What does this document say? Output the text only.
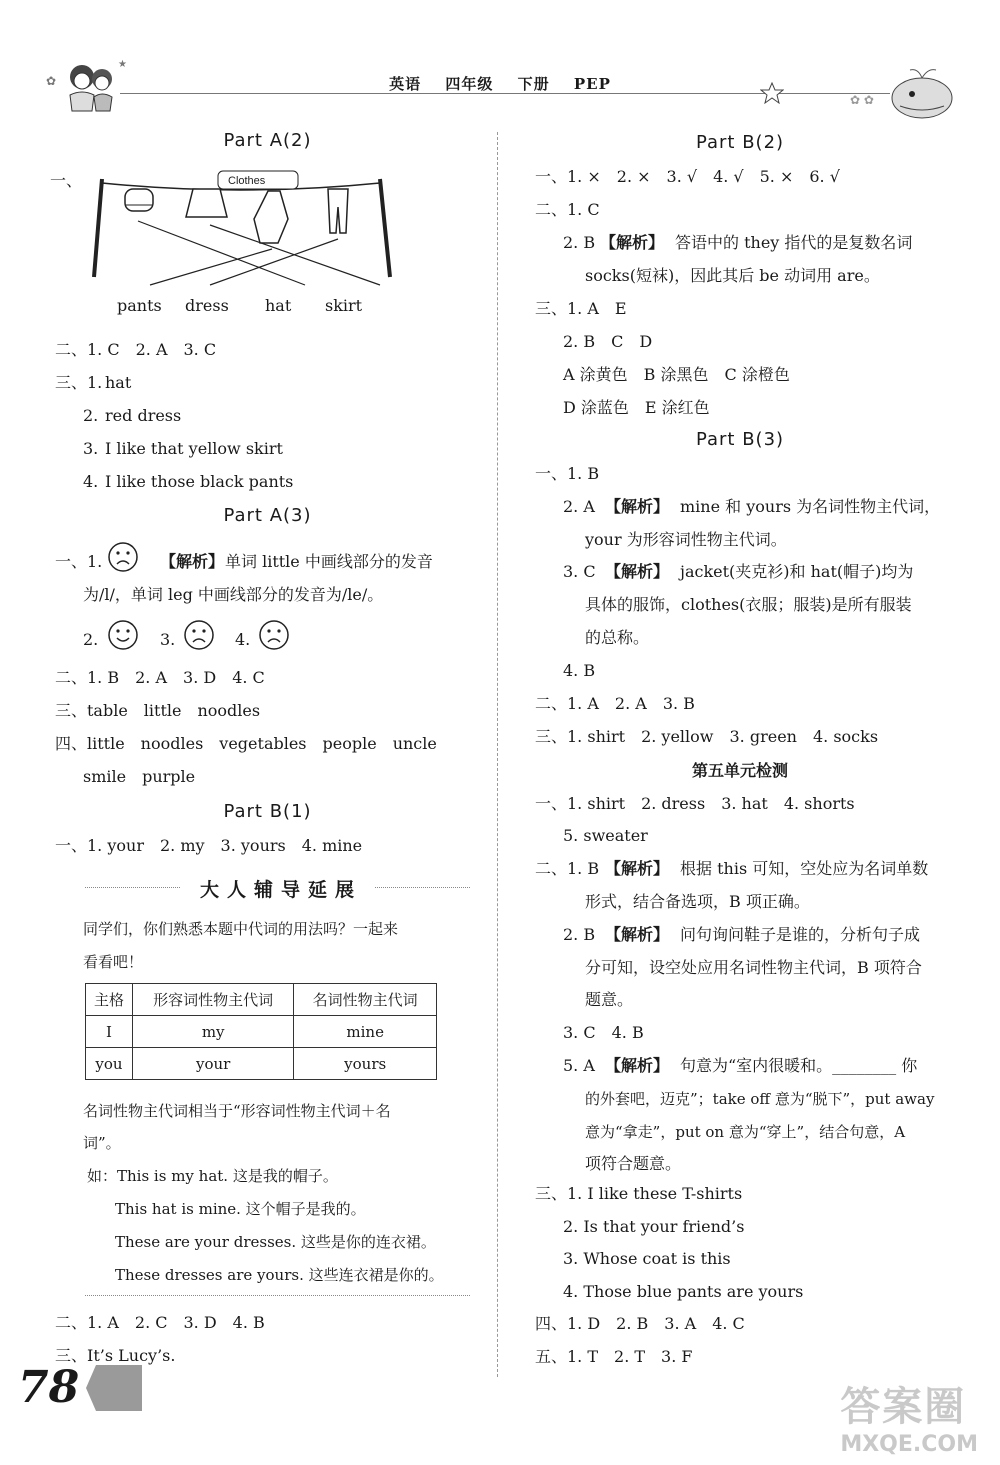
✿
★
英语 四年级 下册 PEP
✿ ✿
Part A(2)
一、	Clothes
pants dress hat skirt
二、1. C　2. A　3. C
三、1. hat
2. red dress
3. I like that yellow skirt
4. I like those black pants
Part A(3)
一、1.	【解析】 单词 little 中画线部分的发音
为/l/，单词 leg 中画线部分的发音为/le/。
2.	3.	4.
二、1. B　2. A　3. D　4. C
三、table　little　noodles
四、little　noodles　vegetables　people　uncle
smile　purple
Part B(1)
一、1. your　2. my　3. yours　4. mine
大人辅导延展
同学们，你们熟悉本题中代词的用法吗？一起来
看看吧！
主格	形容词性物主代词	名词性物主代词
I	my	mine
you	your	yours
名词性物主代词相当于“形容词性物主代词＋名
词”。
如：This is my hat. 这是我的帽子。
This hat is mine. 这个帽子是我的。
These are your dresses. 这些是你的连衣裙。
These dresses are yours. 这些连衣裙是你的。
二、1. A　2. C　3. D　4. B
三、It’s Lucy’s.
Part B(2)
一、1. ×　2. ×　3. √　4. √　5. ×　6. √
二、1. C
2. B 【解析】 答语中的 they 指代的是复数名词
socks(短袜)，因此其后 be 动词用 are。
三、1. A　E
2. B　C　D
A 涂黄色　B 涂黑色　C 涂橙色
D 涂蓝色　E 涂红色
Part B(3)
一、1. B
2. A 【解析】 mine 和 yours 为名词性物主代词，
your 为形容词性物主代词。
3. C 【解析】 jacket(夹克衫)和 hat(帽子)均为
具体的服饰，clothes(衣服；服装)是所有服装
的总称。
4. B
二、1. A　2. A　3. B
三、1. shirt　2. yellow　3. green　4. socks
第五单元检测
一、1. shirt　2. dress　3. hat　4. shorts
5. sweater
二、1. B 【解析】 根据 this 可知，空处应为名词单数
形式，结合备选项，B 项正确。
2. B 【解析】 问句询问鞋子是谁的，分析句子成
分可知，设空处应用名词性物主代词，B 项符合
题意。
3. C　4. B
5. A 【解析】 句意为“室内很暖和。________ 你
的外套吧，迈克”；take off 意为“脱下”，put away
意为“拿走”，put on 意为“穿上”，结合句意，A
项符合题意。
三、1. I like these T-shirts
2. Is that your friend’s
3. Whose coat is this
4. Those blue pants are yours
四、1. D　2. B　3. A　4. C
五、1. T　2. T　3. F
78	答案圈
MXQE.COM
